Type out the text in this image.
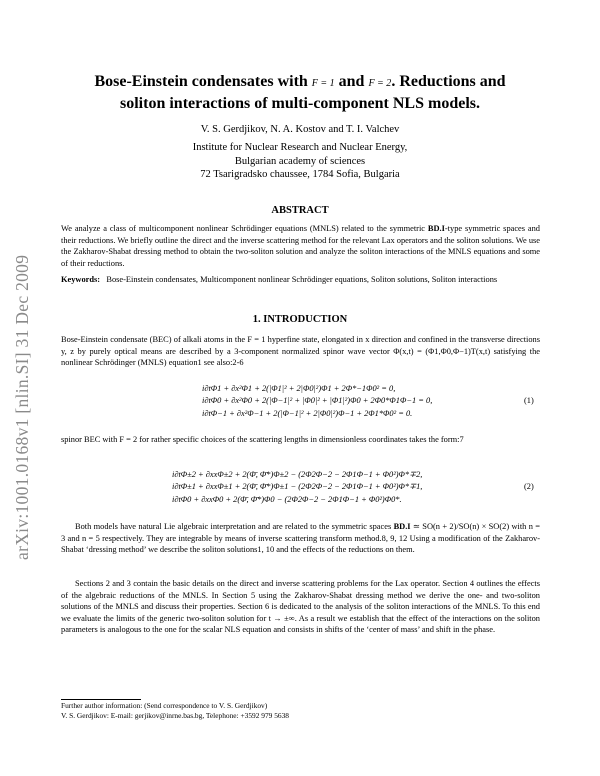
arXiv:1001.0168v1 [nlin.SI] 31 Dec 2009
Bose-Einstein condensates with F = 1 and F = 2. Reductions and
soliton interactions of multi-component NLS models.
V. S. Gerdjikov, N. A. Kostov and T. I. Valchev
Institute for Nuclear Research and Nuclear Energy,
Bulgarian academy of sciences
72 Tsarigradsko chaussee, 1784 Sofia, Bulgaria
ABSTRACT
We analyze a class of multicomponent nonlinear Schrödinger equations (MNLS) related to the symmetric BD.I-type symmetric spaces and their reductions. We briefly outline the direct and the inverse scattering method for the relevant Lax operators and the soliton solutions. We use the Zakharov-Shabat dressing method to obtain the two-soliton solution and analyze the soliton interactions of the MNLS equations and some of their reductions.
Keywords: Bose-Einstein condensates, Multicomponent nonlinear Schrödinger equations, Soliton solutions, Soliton interactions
1. INTRODUCTION
Bose-Einstein condensate (BEC) of alkali atoms in the F = 1 hyperfine state, elongated in x direction and confined in the transverse directions y, z by purely optical means are described by a 3-component normalized spinor wave vector Φ(x,t) = (Φ1,Φ0,Φ−1)T(x,t) satisfying the nonlinear Schrödinger (MNLS) equation1 see also:2-6
i∂tΦ1 + ∂x²Φ1 + 2(|Φ1|² + 2|Φ0|²)Φ1 + 2Φ*−1Φ0² = 0,
i∂tΦ0 + ∂x²Φ0 + 2(|Φ−1|² + |Φ0|² + |Φ1|²)Φ0 + 2Φ0*Φ1Φ−1 = 0,
i∂tΦ−1 + ∂x²Φ−1 + 2(|Φ−1|² + 2|Φ0|²)Φ−1 + 2Φ1*Φ0² = 0.
(1)
spinor BEC with F = 2 for rather specific choices of the scattering lengths in dimensionless coordinates takes the form:7
i∂tΦ±2 + ∂xxΦ±2 + 2(Φ̄, Φ̄*)Φ±2 − (2Φ2Φ−2 − 2Φ1Φ−1 + Φ0²)Φ*∓2,
i∂tΦ±1 + ∂xxΦ±1 + 2(Φ̄, Φ̄*)Φ±1 − (2Φ2Φ−2 − 2Φ1Φ−1 + Φ0²)Φ*∓1,
i∂tΦ0 + ∂xxΦ0 + 2(Φ̄, Φ̄*)Φ0 − (2Φ2Φ−2 − 2Φ1Φ−1 + Φ0²)Φ0*.
(2)
Both models have natural Lie algebraic interpretation and are related to the symmetric spaces BD.I ≃ SO(n + 2)/SO(n) × SO(2) with n = 3 and n = 5 respectively. They are integrable by means of inverse scattering transform method.8, 9, 12 Using a modification of the Zakharov-Shabat ‘dressing method’ we describe the soliton solutions1, 10 and the effects of the reductions on them.
Sections 2 and 3 contain the basic details on the direct and inverse scattering problems for the Lax operator. Section 4 outlines the effects of the algebraic reductions of the MNLS. In Section 5 using the Zakharov-Shabat dressing method we derive the one- and two-soliton solutions of the MNLS and discuss their properties. Section 6 is dedicated to the analysis of the soliton interactions of the MNLS. To this end we evaluate the limits of the generic two-soliton solution for t → ±∞. As a result we establish that the effect of the interactions on the soliton parameters is analogous to the one for the scalar NLS equation and consists in shifts of the ‘center of mass’ and shift in the phase.
Further author information: (Send correspondence to V. S. Gerdjikov)
V. S. Gerdjikov: E-mail: gerjikov@inrne.bas.bg, Telephone: +3592 979 5638
